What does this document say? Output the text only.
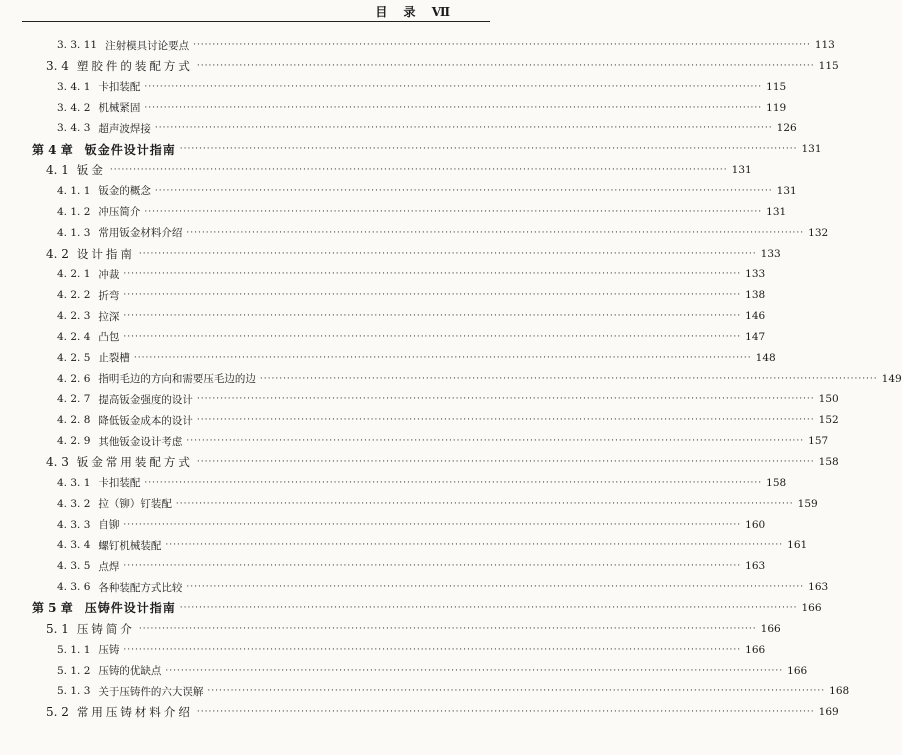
目 录 Ⅶ
3. 3. 11 注射模具讨论要点 ································································································································································ 113
3. 4 塑胶件的装配方式 ································································································································································ 115
3. 4. 1 卡扣装配 ································································································································································ 115
3. 4. 2 机械紧固 ································································································································································ 119
3. 4. 3 超声波焊接 ································································································································································ 126
第 4 章	钣金件设计指南 ································································································································································ 131
4. 1 钣金 ································································································································································ 131
4. 1. 1 钣金的概念 ································································································································································ 131
4. 1. 2 冲压简介 ································································································································································ 131
4. 1. 3 常用钣金材料介绍 ································································································································································ 132
4. 2 设计指南 ································································································································································ 133
4. 2. 1 冲裁 ································································································································································ 133
4. 2. 2 折弯 ································································································································································ 138
4. 2. 3 拉深 ································································································································································ 146
4. 2. 4 凸包 ································································································································································ 147
4. 2. 5 止裂槽 ································································································································································ 148
4. 2. 6 指明毛边的方向和需要压毛边的边 ································································································································································ 149
4. 2. 7 提高钣金强度的设计 ································································································································································ 150
4. 2. 8 降低钣金成本的设计 ································································································································································ 152
4. 2. 9 其他钣金设计考虑 ································································································································································ 157
4. 3 钣金常用装配方式 ································································································································································ 158
4. 3. 1 卡扣装配 ································································································································································ 158
4. 3. 2 拉（铆）钉装配 ································································································································································ 159
4. 3. 3 自铆 ································································································································································ 160
4. 3. 4 螺钉机械装配 ································································································································································ 161
4. 3. 5 点焊 ································································································································································ 163
4. 3. 6 各种装配方式比较 ································································································································································ 163
第 5 章	压铸件设计指南 ································································································································································ 166
5. 1 压铸简介 ································································································································································ 166
5. 1. 1 压铸 ································································································································································ 166
5. 1. 2 压铸的优缺点 ································································································································································ 166
5. 1. 3 关于压铸件的六大误解 ································································································································································ 168
5. 2 常用压铸材料介绍 ································································································································································ 169
